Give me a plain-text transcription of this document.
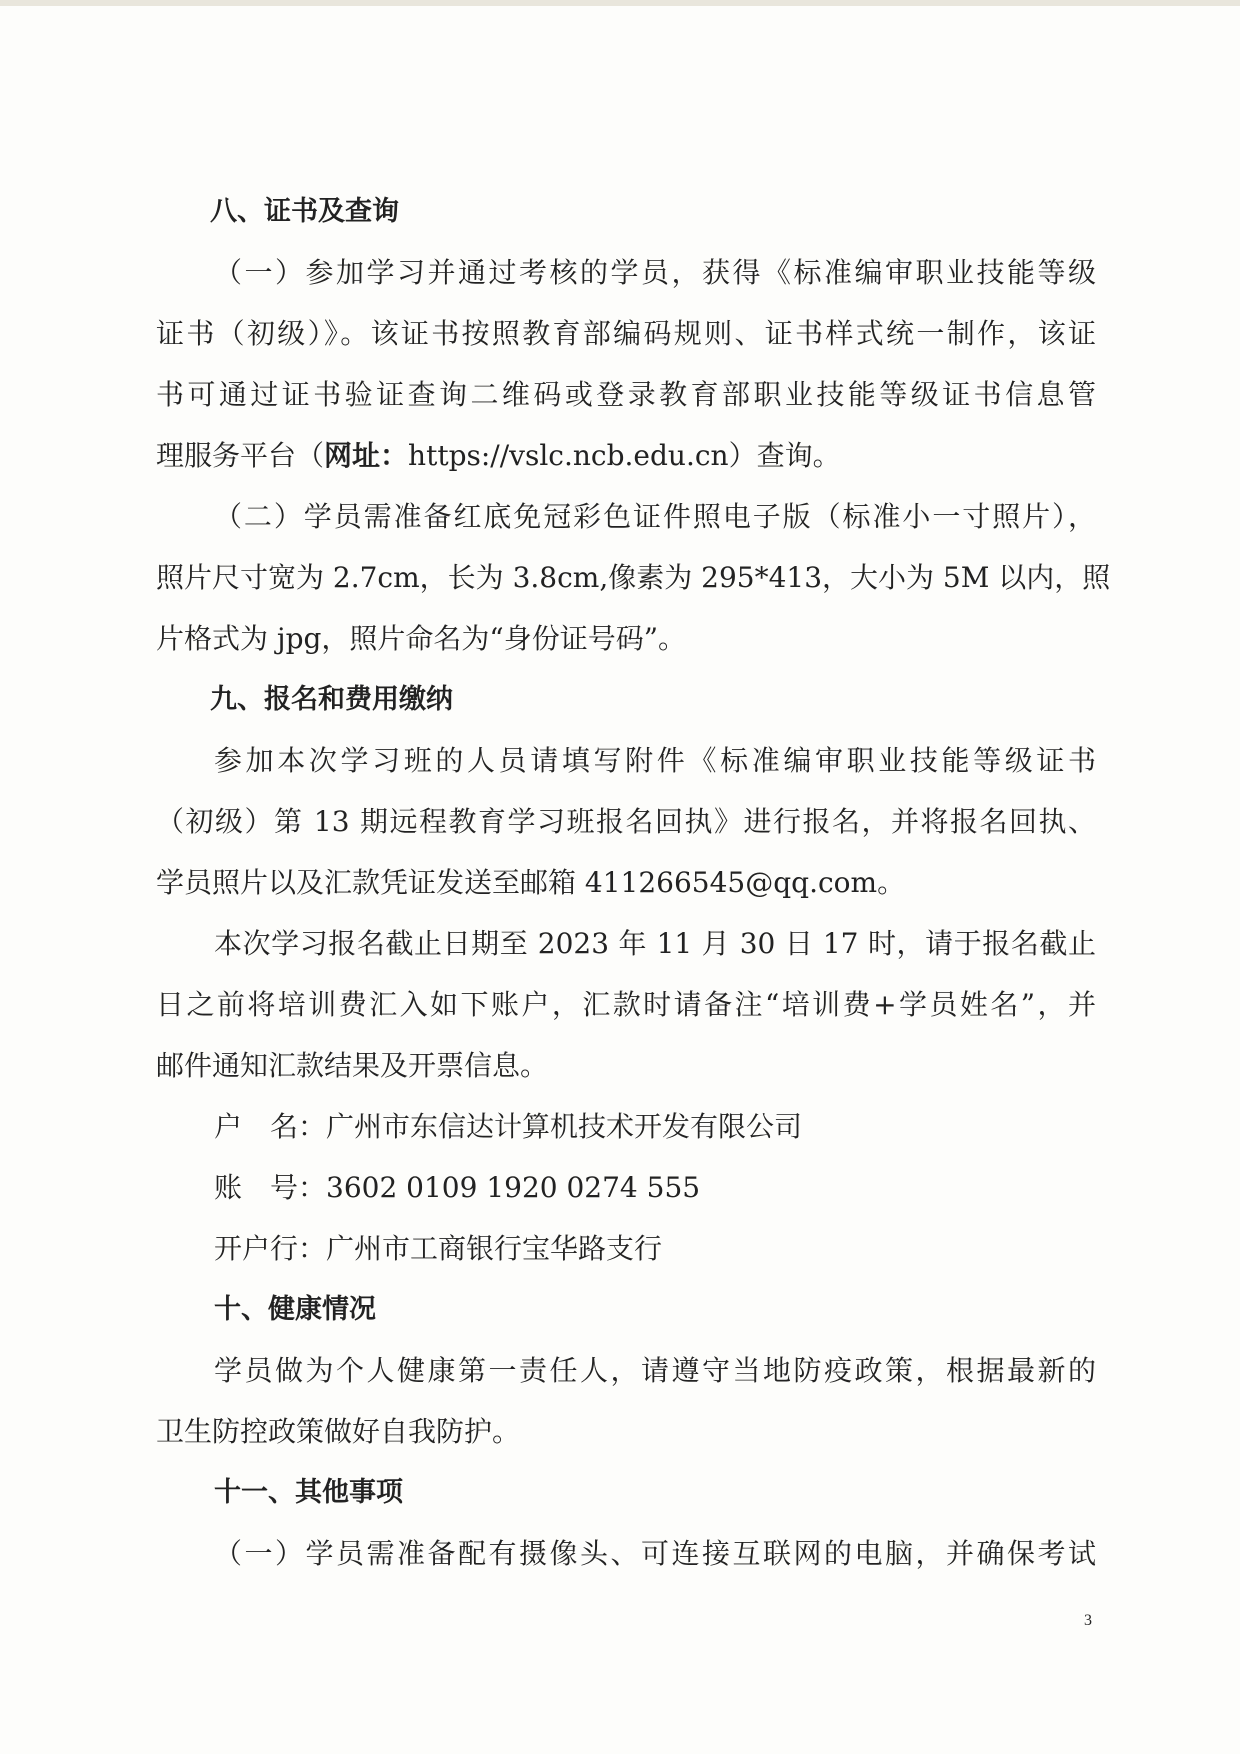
八、证书及查询
（一）参加学习并通过考核的学员，获得《标准编审职业技能等级
证书（初级）》。该证书按照教育部编码规则、证书样式统一制作，该证
书可通过证书验证查询二维码或登录教育部职业技能等级证书信息管
理服务平台（网址：https://vslc.ncb.edu.cn）查询。
（二）学员需准备红底免冠彩色证件照电子版（标准小一寸照片），
照片尺寸宽为 2.7cm，长为 3.8cm,像素为 295*413，大小为 5M 以内，照
片格式为 jpg，照片命名为“身份证号码”。
九、报名和费用缴纳
参加本次学习班的人员请填写附件《标准编审职业技能等级证书
（初级）第 13 期远程教育学习班报名回执》进行报名，并将报名回执、
学员照片以及汇款凭证发送至邮箱 411266545@qq.com。
本次学习报名截止日期至 2023 年 11 月 30 日 17 时，请于报名截止
日之前将培训费汇入如下账户，汇款时请备注“培训费+学员姓名”，并
邮件通知汇款结果及开票信息。
户　名：广州市东信达计算机技术开发有限公司
账　号：3602 0109 1920 0274 555
开户行：广州市工商银行宝华路支行
十、健康情况
学员做为个人健康第一责任人，请遵守当地防疫政策，根据最新的
卫生防控政策做好自我防护。
十一、其他事项
（一）学员需准备配有摄像头、可连接互联网的电脑，并确保考试
3
